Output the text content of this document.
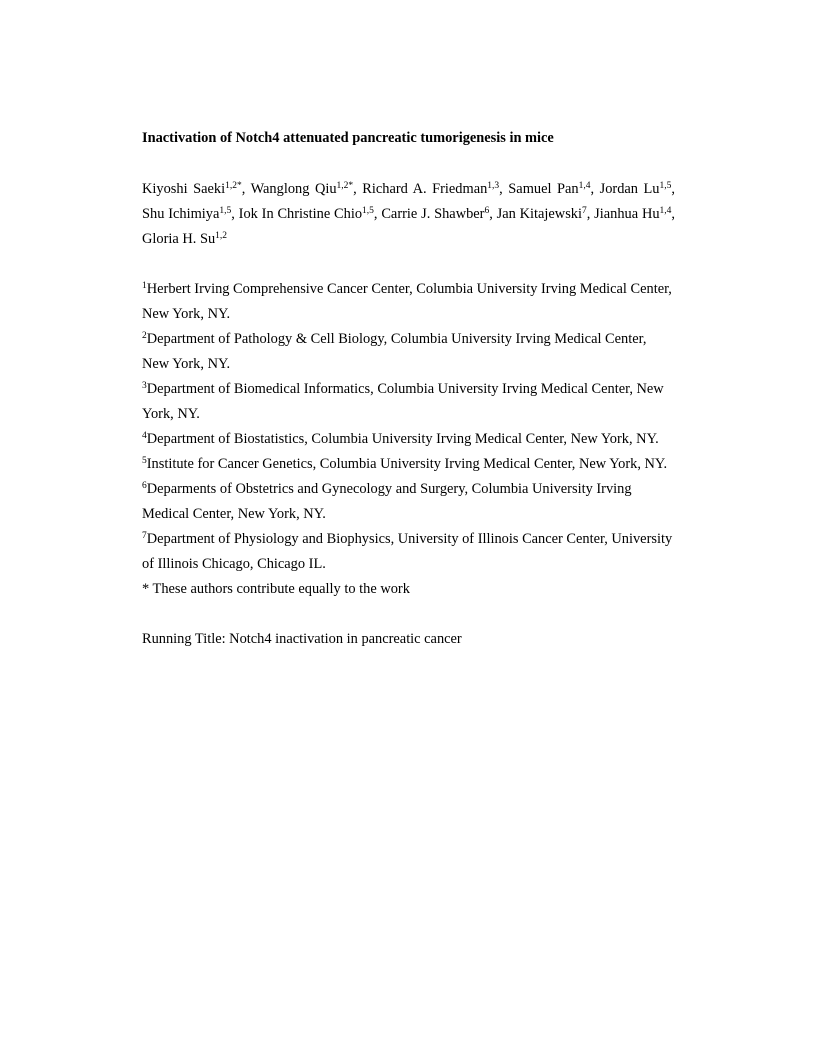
Inactivation of Notch4 attenuated pancreatic tumorigenesis in mice

Kiyoshi Saeki$^{1,2*}$, Wanglong Qiu$^{1,2*}$, Richard A. Friedman$^{1,3}$, Samuel Pan$^{1,4}$, Jordan Lu$^{1,5}$, Shu Ichimiya$^{1,5}$, Iok In Christine Chio$^{1,5}$, Carrie J. Shawber$^6$, Jan Kitajewski$^7$, Jianhua Hu$^{1,4}$, Gloria H. Su$^{1,2}$

$^1$Herbert Irving Comprehensive Cancer Center, Columbia University Irving Medical Center, New York, NY.

$^2$Department of Pathology & Cell Biology, Columbia University Irving Medical Center, New York, NY.

$^3$Department of Biomedical Informatics, Columbia University Irving Medical Center, New York, NY.

$^4$Department of Biostatistics, Columbia University Irving Medical Center, New York, NY.

$^5$Institute for Cancer Genetics, Columbia University Irving Medical Center, New York, NY.

$^6$Deparments of Obstetrics and Gynecology and Surgery, Columbia University Irving Medical Center, New York, NY.

$^7$Department of Physiology and Biophysics, University of Illinois Cancer Center, University of Illinois Chicago, Chicago IL.

* These authors contribute equally to the work

Running Title: Notch4 inactivation in pancreatic cancer
